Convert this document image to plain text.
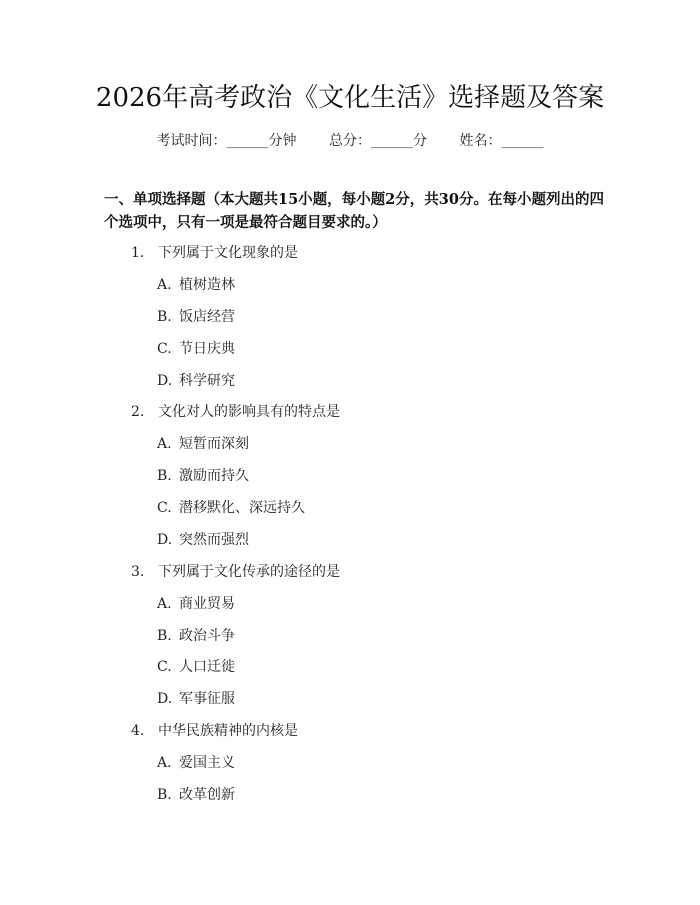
2026年高考政治《文化生活》选择题及答案
考试时间：______分钟 总分：______分 姓名：______
一、单项选择题（本大题共15小题，每小题2分，共30分。在每小题列出的四个选项中，只有一项是最符合题目要求的。）
1. 下列属于文化现象的是
A. 植树造林
B. 饭店经营
C. 节日庆典
D. 科学研究
2. 文化对人的影响具有的特点是
A. 短暂而深刻
B. 激励而持久
C. 潜移默化、深远持久
D. 突然而强烈
3. 下列属于文化传承的途径的是
A. 商业贸易
B. 政治斗争
C. 人口迁徙
D. 军事征服
4. 中华民族精神的内核是
A. 爱国主义
B. 改革创新
